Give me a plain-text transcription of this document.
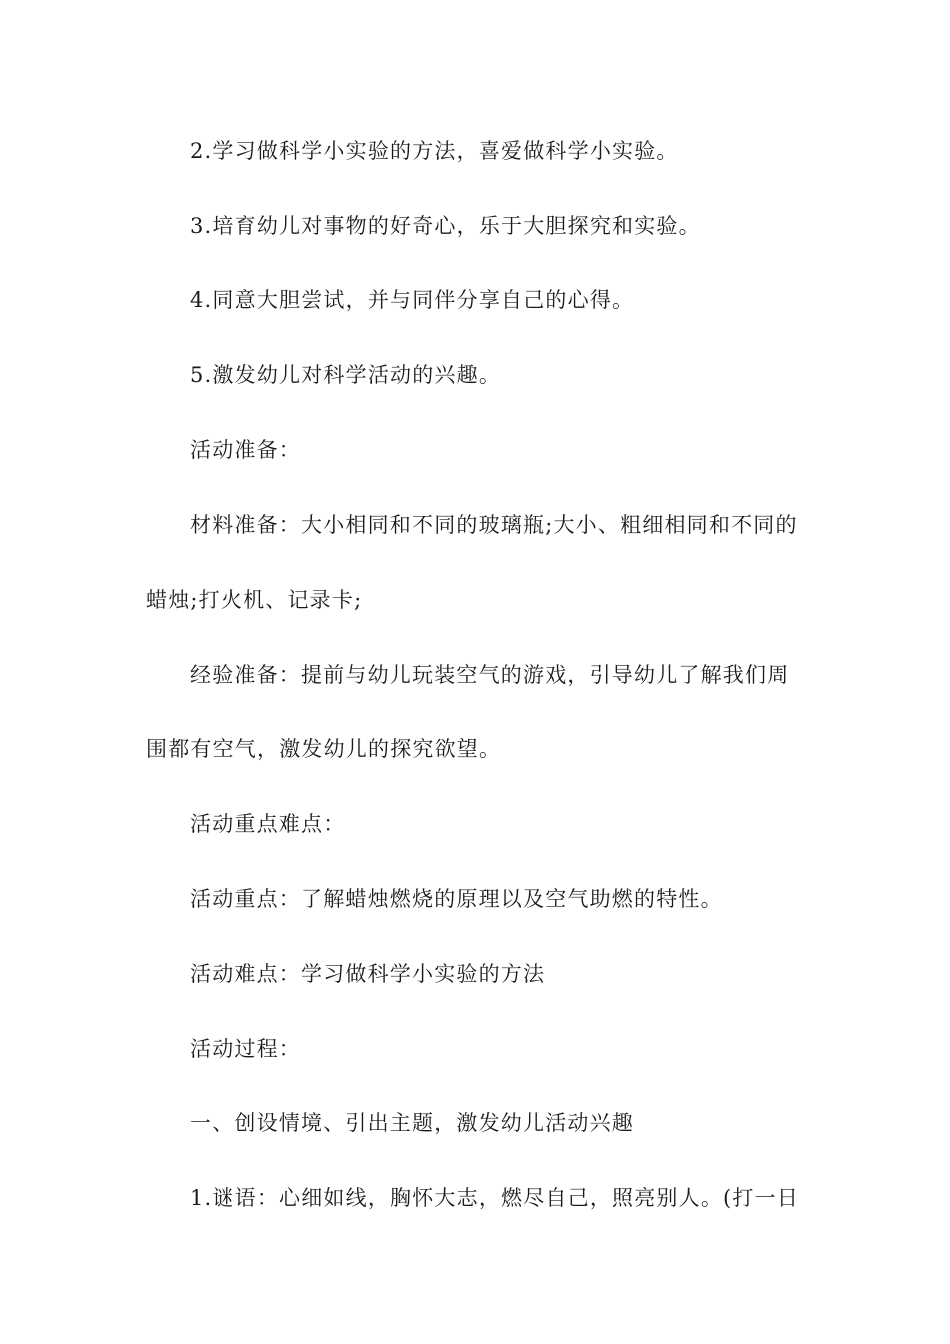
2.学习做科学小实验的方法，喜爱做科学小实验。
3.培育幼儿对事物的好奇心，乐于大胆探究和实验。
4.同意大胆尝试，并与同伴分享自己的心得。
5.激发幼儿对科学活动的兴趣。
活动准备：
材料准备：大小相同和不同的玻璃瓶;大小、粗细相同和不同的
蜡烛;打火机、记录卡;
经验准备：提前与幼儿玩装空气的游戏，引导幼儿了解我们周
围都有空气，激发幼儿的探究欲望。
活动重点难点：
活动重点：了解蜡烛燃烧的原理以及空气助燃的特性。
活动难点：学习做科学小实验的方法
活动过程：
一、创设情境、引出主题，激发幼儿活动兴趣
1.谜语：心细如线，胸怀大志，燃尽自己，照亮别人。(打一日
